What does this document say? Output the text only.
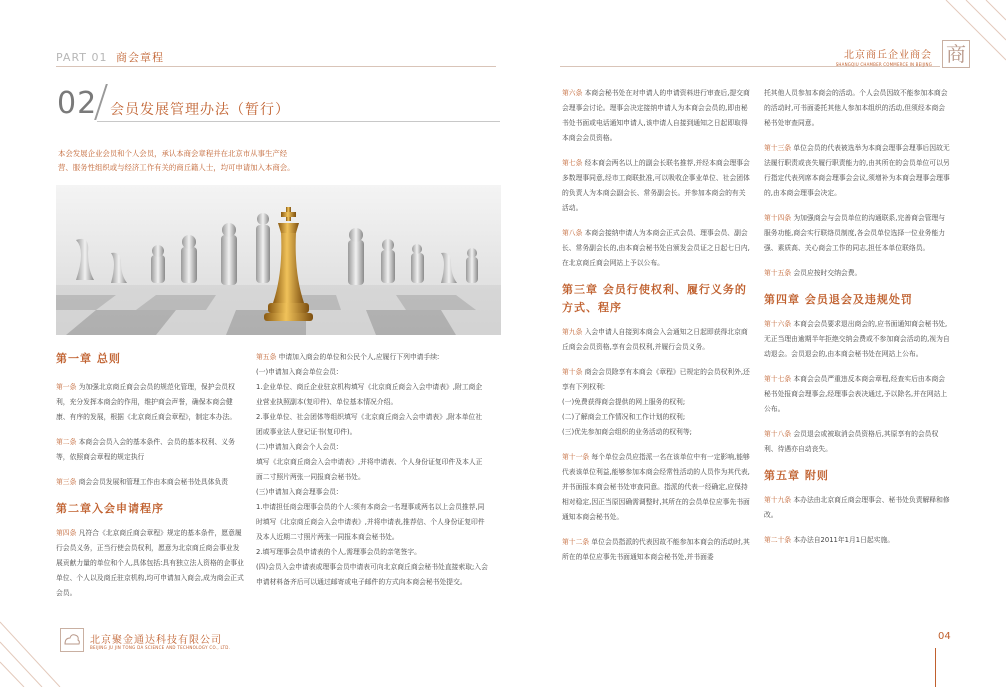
PART 01 商会章程	北京商丘企业商会
SHANGQIU CHAMBER COMMERCE IN BEIJING 商
02 会员发展管理办法（暂行）
本会发展企业会员和个人会员，承认本商会章程并在北京市从事生产经营、服务性组织或与经济工作有关的商丘籍人士，均可申请加入本商会。
第一章 总则
第一条 为加强北京商丘商会会员的规范化管理，保护会员权利，充分发挥本商会的作用，维护商会声誉，确保本商会健康、有序的发展，根据《北京商丘商会章程》，制定本办法。
第二条 本商会会员入会的基本条件、会员的基本权利、义务等，依照商会章程的规定执行
第三条 商会会员发展和管理工作由本商会秘书处具体负责
第二章入会申请程序
第四条 凡符合《北京商丘商会章程》规定的基本条件，愿意履行会员义务，正当行使会员权利，愿意为北京商丘商会事业发展贡献力量的单位和个人,具体包括:具有独立法人资格的企事业单位、个人以及商丘驻京机构,均可申请加入商会,成为商会正式会员。
第五条 申请加入商会的单位和公民个人,应履行下列申请手续:
(一)申请加入商会单位会员:
1.企业单位、商丘企业驻京机构填写《北京商丘商会入会申请表》,附工商企业营业执照副本(复印件)、单位基本情况介绍。
2.事业单位、社会团体等组织填写《北京商丘商会入会申请表》,附本单位社团或事业法人登记证书(复印件)。
(二)申请加入商会个人会员:
填写《北京商丘商会入会申请表》,并将申请表、个人身份证复印件及本人正面二寸照片两张一同报商会秘书处。
(三)申请加入商会理事会员:
1.申请担任商会理事会员的个人:须有本商会一名理事或两名以上会员推荐,同时填写《北京商丘商会入会申请表》,并将申请表,推荐信、个人身份证复印件及本人近期二寸照片两张一同报本商会秘书处。
2.填写理事会员申请表的个人,需理事会员的亲笔签字。
(四)会员入会申请表或理事会员申请表可向北京商丘商会秘书处直接索取;入会申请材料备齐后可以通过邮寄或电子邮件的方式向本商会秘书处提交。
第六条 本商会秘书处在对申请人的申请资料进行审查后,提交商会理事会讨论。理事会决定接纳申请人为本商会会员的,即由秘书处书面或电话通知申请人,该申请人自接到通知之日起即取得本商会会员资格。
第七条 经本商会两名以上的副会长联名推荐,并经本商会理事会多数理事同意,经市工商联批准,可以吸收企事业单位、社会团体的负责人为本商会副会长、常务副会长。并参加本商会的有关活动。
第八条 本商会接纳申请人为本商会正式会员、理事会员、副会长、常务副会长的,由本商会秘书处自颁发会员证之日起七日内,在北京商丘商会网站上予以公布。
第三章 会员行使权利、履行义务的方式、程序
第九条 入会申请人自接到本商会入会通知之日起即获得北京商丘商会会员资格,享有会员权利,并履行会员义务。
第十条 商会会员除享有本商会《章程》已规定的会员权利外,还享有下列权利:
(一)免费获得商会提供的网上服务的权利;
(二)了解商会工作情况和工作计划的权利;
(三)优先参加商会组织的业务活动的权利等;
第十一条 每个单位会员应指派一名在该单位中有一定影响,能够代表该单位利益,能够参加本商会经常性活动的人员作为其代表,并书面报本商会秘书处审查同意。指派的代表一经确定,应保持相对稳定,因正当原因确需调整时,其所在的会员单位应事先书面通知本商会秘书处。
第十二条 单位会员指派的代表因故不能参加本商会的活动时,其所在的单位应事先书面通知本商会秘书处,并书面委
托其他人员参加本商会的活动。个人会员因故不能参加本商会的活动时,可书面委托其他人参加本组织的活动,但须经本商会秘书处审查同意。
第十三条 单位会员的代表被选举为本商会理事会理事后因故无法履行职责或丧失履行职责能力的,由其所在的会员单位可以另行指定代表列席本商会理事会会议,须增补为本商会理事会理事的,由本商会理事会决定。
第十四条 为加强商会与会员单位的沟通联系,完善商会管理与服务功能,商会实行联络员制度,各会员单位选择一位业务能力强、素质高、关心商会工作的同志,担任本单位联络员。
第十五条 会员应按时交纳会费。
第四章 会员退会及违规处罚
第十六条 本商会会员要求退出商会的,应书面通知商会秘书处,无正当理由逾期半年拒绝交纳会费或不参加商会活动的,视为自动退会。会员退会的,由本商会秘书处在网站上公布。
第十七条 本商会会员严重违反本商会章程,经查实后由本商会秘书处报商会理事会,经理事会表决通过,予以除名,并在网站上公布。
第十八条 会员退会或被取消会员资格后,其原享有的会员权利、待遇亦自动丧失。
第五章 附则
第十九条 本办法由北京商丘商会理事会、秘书处负责解释和修改。
第二十条 本办法自2011年1月1日起实施。
北京聚金通达科技有限公司
BEIJING JU JIN TONG DA SCIENCE AND TECHNOLOGY CO., LTD.
04
